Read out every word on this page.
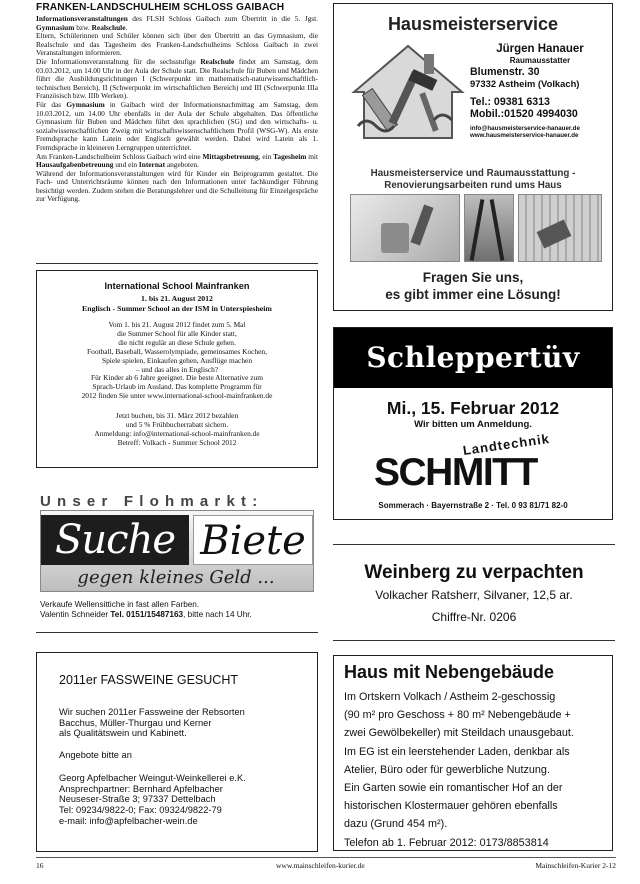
FRANKEN-LANDSCHULHEIM SCHLOSS GAIBACH

Informationsveranstaltungen des FLSH Schloss Gaibach zum Übertritt in die 5. Jgst. Gymnasium bzw. Realschule.

Eltern, Schülerinnen und Schüler können sich über den Übertritt an das Gymnasium, die Realschule und das Tagesheim des Franken-Landschulheims Schloss Gaibach in zwei Veranstaltungen informieren.

Die Informationsveranstaltung für die sechsstufige Realschule findet am Samstag, dem 03.03.2012, um 14.00 Uhr in der Aula der Schule statt. Die Realschule für Buben und Mädchen führt die Ausbildungsrichtungen I (Schwerpunkt im mathematisch-naturwissenschaftlich-technischen Bereich), II (Schwerpunkt im wirtschaftlichen Bereich) und III (Schwerpunkt IIIa Französisch bzw. IIIb Werken).

Für das Gymnasium in Gaibach wird der Informationsnachmittag am Samstag, dem 10.03.2012, um 14.00 Uhr ebenfalls in der Aula der Schule abgehalten. Das öffentliche Gymnasium für Buben und Mädchen führt den sprachlichen (SG) und den wirtschafts- u. sozialwissenschaftlichen Zweig mit wirtschaftswissenschaftlichem Profil (WSG-W). Als erste Fremdsprache kann Latein oder Englisch gewählt werden. Dabei wird Latein als 1. Fremdsprache in kleineren Lerngruppen unterrichtet.

Am Franken-Landschulheim Schloss Gaibach wird eine Mittagsbetreuung, ein Tagesheim mit Hausaufgabenbetreuung und ein Internat angeboten.

Während der Informationsveranstaltungen wird für Kinder ein Beiprogramm gestaltet. Die Fach- und Unterrichtsräume können nach den Informationen unter fachkundiger Führung besichtigt werden. Zudem stehen die Beratungslehrer und die Schulleitung für Einzelgespräche zur Verfügung.

International School Mainfranken
1. bis 21. August 2012
Englisch - Summer School an der ISM in Unterspiesheim
Vom 1. bis 21. August 2012 findet zum 5. Mal
die Summer School für alle Kinder statt,
die nicht regulär an diese Schule gehen.
Football, Baseball, Wasserolympiade, gemeinsames Kochen,
Spiele spielen, Einkaufen gehen, Ausflüge machen
– und das alles in Englisch?
Für Kinder ab 6 Jahre geeignet. Die beste Alternative zum
Sprach-Urlaub im Ausland. Das komplette Programm für
2012 finden Sie unter www.international-school-mainfranken.de
Jetzt buchen, bis 31. März 2012 bezahlen
und 5 % Frühbucherrabatt sichern.
Anmeldung: info@international-school-mainfranken.de
Betreff: Volkach - Summer School 2012
Unser Flohmarkt:
Suche Biete
gegen kleines Geld ...
Verkaufe Wellensittiche in fast allen Farben.
Valentin Schneider Tel. 0151/15487163, bitte nach 14 Uhr.
2011er FASSWEINE GESUCHT
Wir suchen 2011er Fassweine der Rebsorten
Bacchus, Müller-Thurgau und Kerner
als Qualitätswein und Kabinett.
Angebote bitte an
Georg Apfelbacher Weingut-Weinkellerei e.K.
Ansprechpartner: Bernhard Apfelbacher
Neuseser-Straße 3; 97337 Dettelbach
Tel: 09234/9822-0; Fax: 09324/9822-79
e-mail: info@apfelbacher-wein.de
Hausmeisterservice
Jürgen Hanauer
Raumausstatter
Blumenstr. 30
97332 Astheim (Volkach)
Tel.: 09381 6313
Mobil.:01520 4994030
info@hausmeisterservice-hanauer.de
www.hausmeisterservice-hanauer.de
Hausmeisterservice und Raumausstattung -
Renovierungsarbeiten rund ums Haus
Fragen Sie uns,
es gibt immer eine Lösung!
Schleppertüv
Mi., 15. Februar 2012
Wir bitten um Anmeldung.
SCHMITT
Landtechnik
Sommerach · Bayernstraße 2 · Tel. 0 93 81/71 82-0
Weinberg zu verpachten
Volkacher Ratsherr, Silvaner, 12,5 ar.
Chiffre-Nr. 0206
Haus mit Nebengebäude
Im Ortskern Volkach / Astheim 2-geschossig
(90 m² pro Geschoss + 80 m² Nebengebäude +
zwei Gewölbekeller) mit Steildach unausgebaut.
Im EG ist ein leerstehender Laden, denkbar als
Atelier, Büro oder für gewerbliche Nutzung.
Ein Garten sowie ein romantischer Hof an der
historischen Klostermauer gehören ebenfalls
dazu (Grund 454 m²).
Telefon ab 1. Februar 2012: 0173/8853814
16	www.mainschleifen-kurier.de	Mainschleifen-Kurier 2-12
